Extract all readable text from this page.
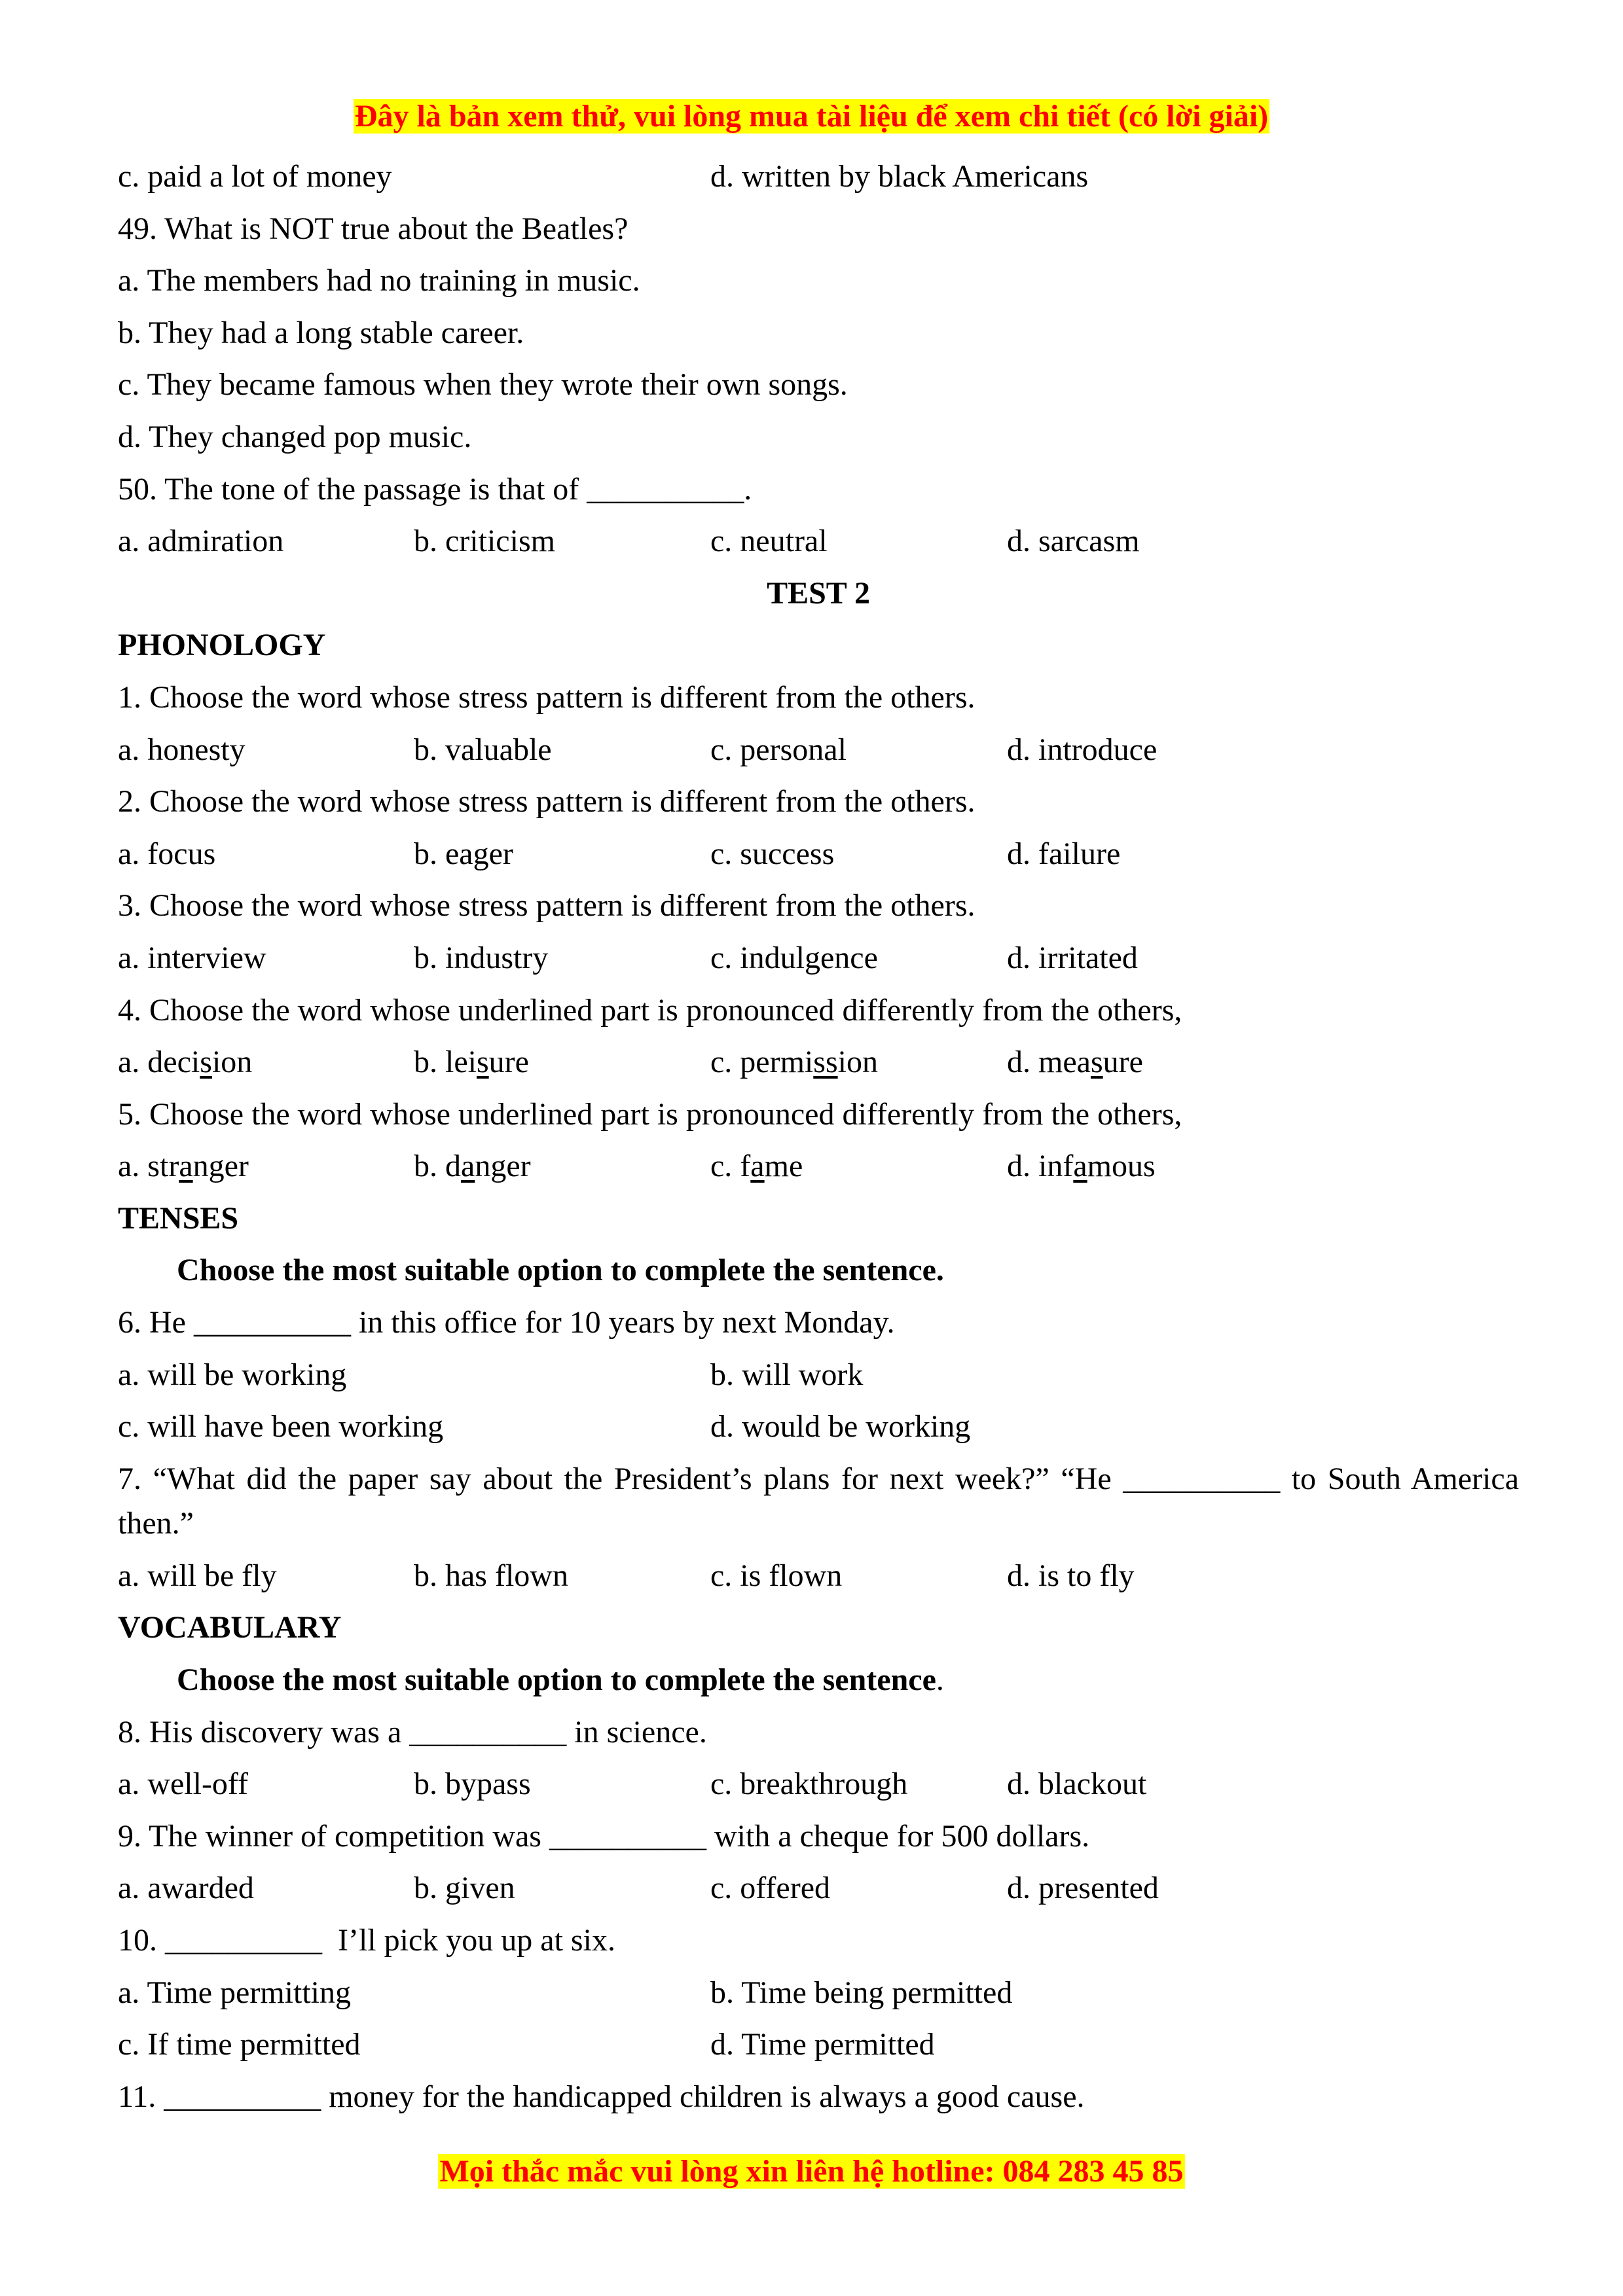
Đây là bản xem thử, vui lòng mua tài liệu để xem chi tiết (có lời giải)
c. paid a lot of money	d. written by black Americans
49. What is NOT true about the Beatles?
a. The members had no training in music.
b. They had a long stable career.
c. They became famous when they wrote their own songs.
d. They changed pop music.
50. The tone of the passage is that of __________.
a. admiration	b. criticism	c. neutral	d. sarcasm
TEST 2
PHONOLOGY
1. Choose the word whose stress pattern is different from the others.
a. honesty	b. valuable	c. personal	d. introduce
2. Choose the word whose stress pattern is different from the others.
a. focus	b. eager	c. success	d. failure
3. Choose the word whose stress pattern is different from the others.
a. interview	b. industry	c. indulgence	d. irritated
4. Choose the word whose underlined part is pronounced differently from the others,
a. decision	b. leisure	c. permission	d. measure
5. Choose the word whose underlined part is pronounced differently from the others,
a. stranger	b. danger	c. fame	d. infamous
TENSES
Choose the most suitable option to complete the sentence.
6. He __________ in this office for 10 years by next Monday.
a. will be working	b. will work
c. will have been working	d. would be working
7. “What did the paper say about the President’s plans for next week?” “He __________ to South America then.”
a. will be fly	b. has flown	c. is flown	d. is to fly
VOCABULARY
Choose the most suitable option to complete the sentence.
8. His discovery was a __________ in science.
a. well-off	b. bypass	c. breakthrough	d. blackout
9. The winner of competition was __________ with a cheque for 500 dollars.
a. awarded	b. given	c. offered	d. presented
10. __________  I’ll pick you up at six.
a. Time permitting	b. Time being permitted
c. If time permitted	d. Time permitted
11. __________ money for the handicapped children is always a good cause.
Mọi thắc mắc vui lòng xin liên hệ hotline: 084 283 45 85
